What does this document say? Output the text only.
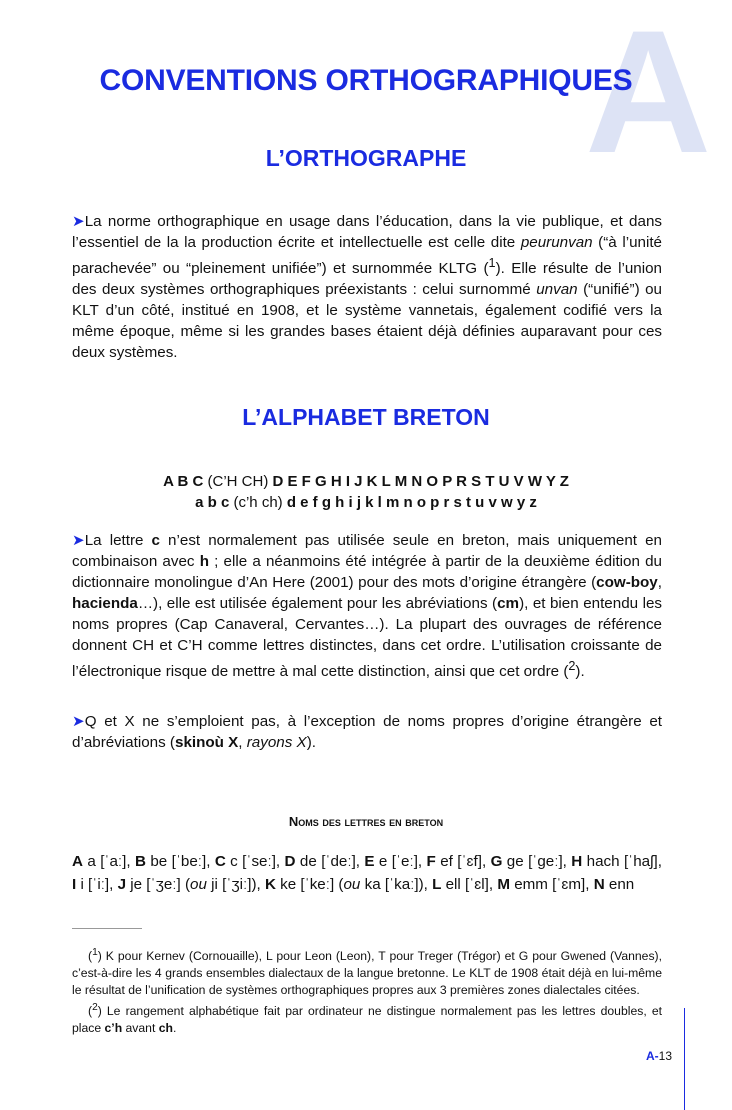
A
CONVENTIONS ORTHOGRAPHIQUES
L’ORTHOGRAPHE
➤La norme orthographique en usage dans l’éducation, dans la vie publique, et dans l’essentiel de la la production écrite et intellectuelle est celle dite peurunvan (“à l’unité parachevée” ou “pleinement unifiée”) et surnommée KLTG ($^1$). Elle résulte de l’union des deux systèmes orthographiques préexistants : celui surnommé unvan (“unifié”) ou KLT d’un côté, institué en 1908, et le système vannetais, également codifié vers la même époque, même si les grandes bases étaient déjà définies auparavant pour ces deux systèmes.
L’ALPHABET BRETON
A B C (C’H CH) D E F G H I J K L M N O P R S T U V W Y Z
a b c (c’h ch) d e f g h i j k l m n o p r s t u v w y z
➤La lettre c n’est normalement pas utilisée seule en breton, mais uniquement en combinaison avec h ; elle a néanmoins été intégrée à partir de la deuxième édition du dictionnaire monolingue d’An Here (2001) pour des mots d’origine étrangère (cow-boy, hacienda…), elle est utilisée également pour les abréviations (cm), et bien entendu les noms propres (Cap Canaveral, Cervantes…). La plupart des ouvrages de référence donnent CH et C’H comme lettres distinctes, dans cet ordre. L’utilisation croissante de l’électronique risque de mettre à mal cette distinction, ainsi que cet ordre ($^2$).
➤Q et X ne s’emploient pas, à l’exception de noms propres d’origine étrangère et d’abréviations (skinoù X, rayons X).
Noms des lettres en breton
A a [ˈaː], B be [ˈbeː], C c [ˈseː], D de [ˈdeː], E e [ˈeː], F ef [ˈɛf], G ge [ˈgeː], H hach [ˈhaʃ], I i [ˈiː], J je [ˈʒeː] (ou ji [ˈʒiː]), K ke [ˈkeː] (ou ka [ˈkaː]), L ell [ˈɛl], M emm [ˈɛm], N enn

($^1$) K pour Kernev (Cornouaille), L pour Leon (Leon), T pour Treger (Trégor) et G pour Gwened (Vannes), c’est-à-dire les 4 grands ensembles dialectaux de la langue bretonne. Le KLT de 1908 était déjà en lui-même le résultat de l’unification de systèmes orthographiques propres aux 3 premières zones dialectales citées.

($^2$) Le rangement alphabétique fait par ordinateur ne distingue normalement pas les lettres doubles, et place c’h avant ch.

A-13
